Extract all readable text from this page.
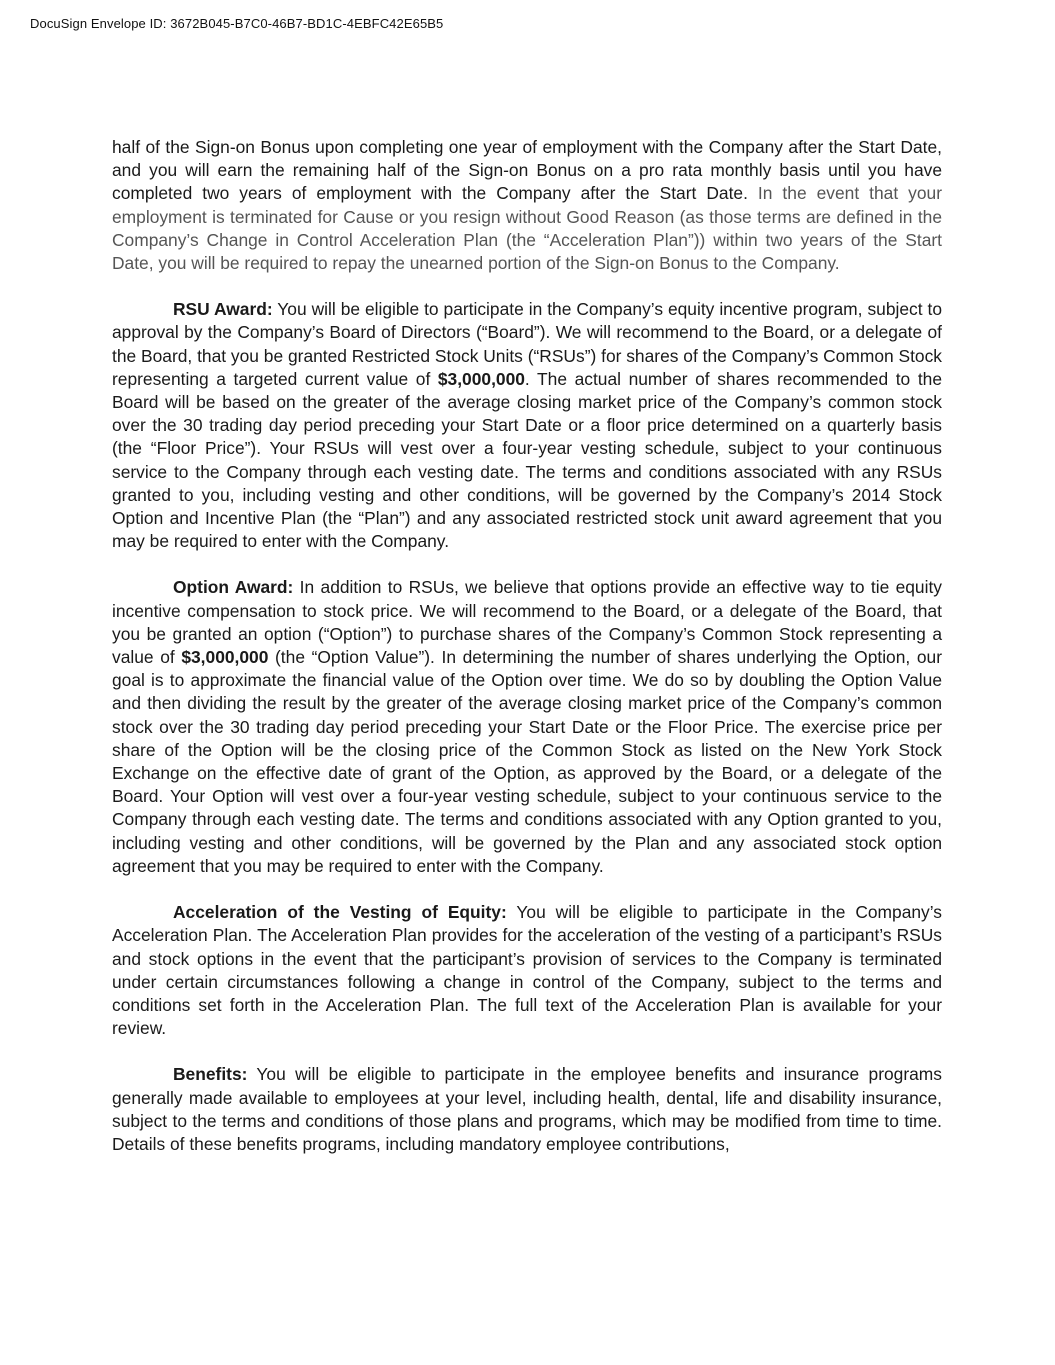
DocuSign Envelope ID: 3672B045-B7C0-46B7-BD1C-4EBFC42E65B5

half of the Sign-on Bonus upon completing one year of employment with the Company after the Start Date, and you will earn the remaining half of the Sign-on Bonus on a pro rata monthly basis until you have completed two years of employment with the Company after the Start Date. In the event that your employment is terminated for Cause or you resign without Good Reason (as those terms are defined in the Company’s Change in Control Acceleration Plan (the “Acceleration Plan”)) within two years of the Start Date, you will be required to repay the unearned portion of the Sign-on Bonus to the Company.

RSU Award: You will be eligible to participate in the Company’s equity incentive program, subject to approval by the Company’s Board of Directors (“Board”). We will recommend to the Board, or a delegate of the Board, that you be granted Restricted Stock Units (“RSUs”) for shares of the Company’s Common Stock representing a targeted current value of $3,000,000. The actual number of shares recommended to the Board will be based on the greater of the average closing market price of the Company’s common stock over the 30 trading day period preceding your Start Date or a floor price determined on a quarterly basis (the “Floor Price”). Your RSUs will vest over a four-year vesting schedule, subject to your continuous service to the Company through each vesting date. The terms and conditions associated with any RSUs granted to you, including vesting and other conditions, will be governed by the Company’s 2014 Stock Option and Incentive Plan (the “Plan”) and any associated restricted stock unit award agreement that you may be required to enter with the Company.

Option Award: In addition to RSUs, we believe that options provide an effective way to tie equity incentive compensation to stock price. We will recommend to the Board, or a delegate of the Board, that you be granted an option (“Option”) to purchase shares of the Company’s Common Stock representing a value of $3,000,000 (the “Option Value”). In determining the number of shares underlying the Option, our goal is to approximate the financial value of the Option over time. We do so by doubling the Option Value and then dividing the result by the greater of the average closing market price of the Company’s common stock over the 30 trading day period preceding your Start Date or the Floor Price. The exercise price per share of the Option will be the closing price of the Common Stock as listed on the New York Stock Exchange on the effective date of grant of the Option, as approved by the Board, or a delegate of the Board. Your Option will vest over a four-year vesting schedule, subject to your continuous service to the Company through each vesting date. The terms and conditions associated with any Option granted to you, including vesting and other conditions, will be governed by the Plan and any associated stock option agreement that you may be required to enter with the Company.

Acceleration of the Vesting of Equity: You will be eligible to participate in the Company’s Acceleration Plan. The Acceleration Plan provides for the acceleration of the vesting of a participant’s RSUs and stock options in the event that the participant’s provision of services to the Company is terminated under certain circumstances following a change in control of the Company, subject to the terms and conditions set forth in the Acceleration Plan. The full text of the Acceleration Plan is available for your review.

Benefits: You will be eligible to participate in the employee benefits and insurance programs generally made available to employees at your level, including health, dental, life and disability insurance, subject to the terms and conditions of those plans and programs, which may be modified from time to time. Details of these benefits programs, including mandatory employee contributions,
